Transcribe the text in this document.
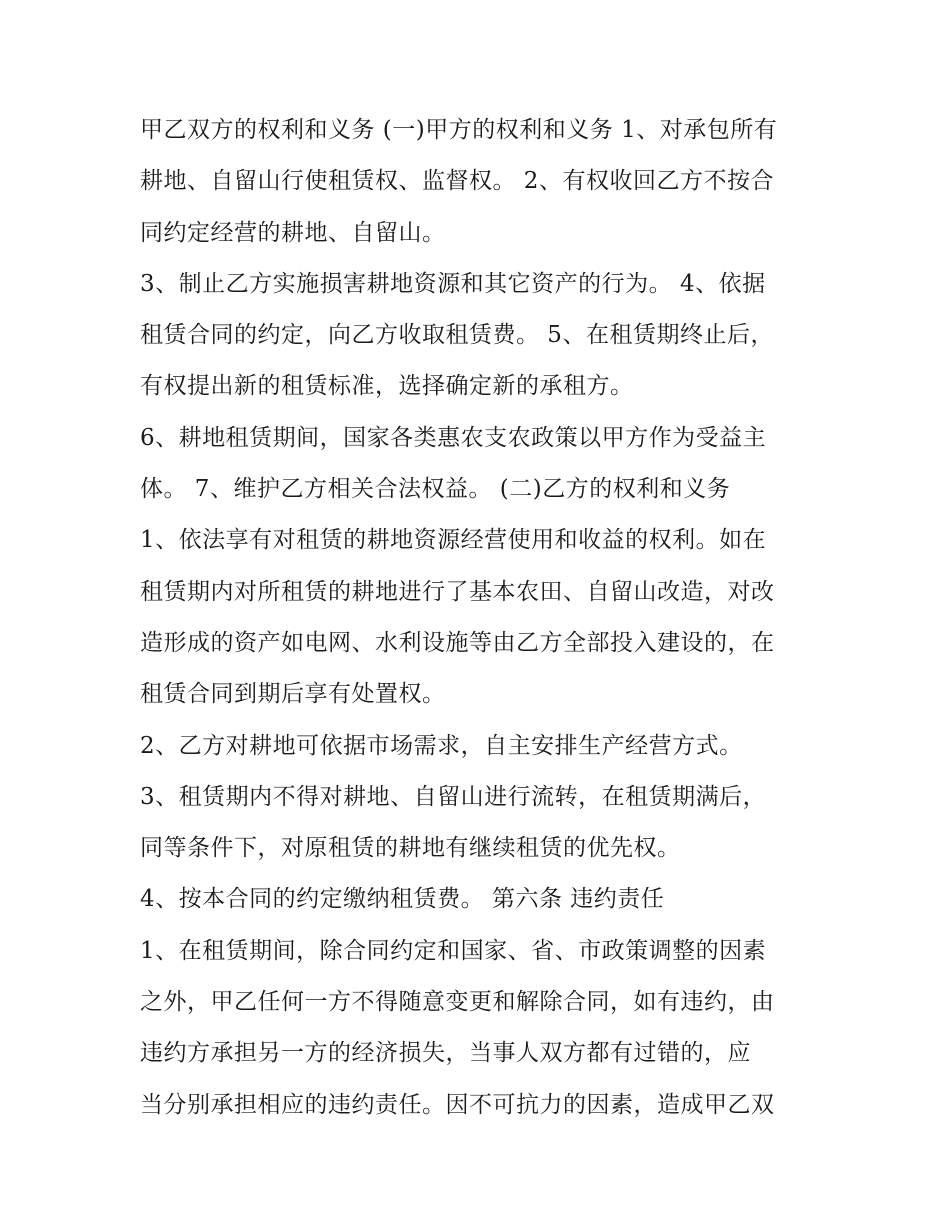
甲乙双方的权利和义务 (一)甲方的权利和义务 1、对承包所有
耕地、自留山行使租赁权、监督权。 2、有权收回乙方不按合
同约定经营的耕地、自留山。
3、制止乙方实施损害耕地资源和其它资产的行为。 4、依据
租赁合同的约定，向乙方收取租赁费。 5、在租赁期终止后，
有权提出新的租赁标准，选择确定新的承租方。
6、耕地租赁期间，国家各类惠农支农政策以甲方作为受益主
体。 7、维护乙方相关合法权益。 (二)乙方的权利和义务
1、依法享有对租赁的耕地资源经营使用和收益的权利。如在
租赁期内对所租赁的耕地进行了基本农田、自留山改造，对改
造形成的资产如电网、水利设施等由乙方全部投入建设的，在
租赁合同到期后享有处置权。
2、乙方对耕地可依据市场需求，自主安排生产经营方式。
3、租赁期内不得对耕地、自留山进行流转，在租赁期满后，
同等条件下，对原租赁的耕地有继续租赁的优先权。
4、按本合同的约定缴纳租赁费。 第六条 违约责任
1、在租赁期间，除合同约定和国家、省、市政策调整的因素
之外，甲乙任何一方不得随意变更和解除合同，如有违约，由
违约方承担另一方的经济损失，当事人双方都有过错的，应
当分别承担相应的违约责任。因不可抗力的因素，造成甲乙双
